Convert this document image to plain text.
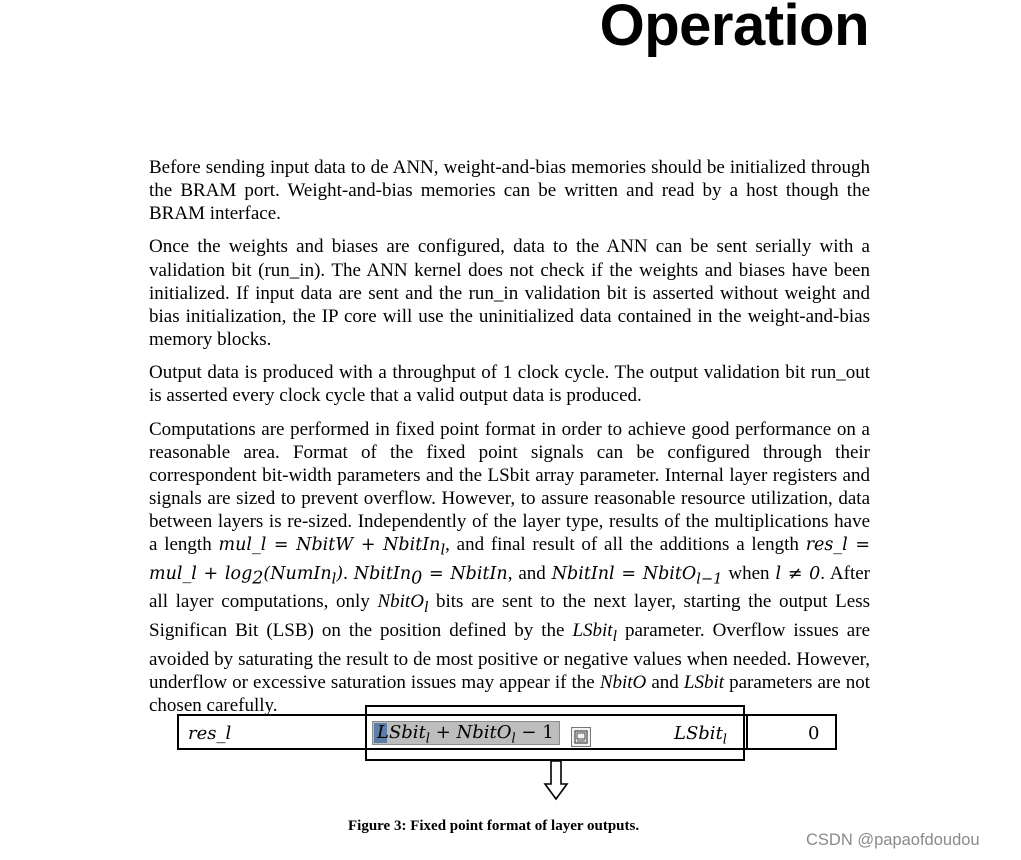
Operation

Before sending input data to de ANN, weight-and-bias memories should be initialized through the BRAM port. Weight-and-bias memories can be written and read by a host though the BRAM interface.

Once the weights and biases are configured, data to the ANN can be sent serially with a validation bit (run_in). The ANN kernel does not check if the weights and biases have been initialized. If input data are sent and the run_in validation bit is asserted without weight and bias initialization, the IP core will use the uninitialized data contained in the weight-and-bias memory blocks.

Output data is produced with a throughput of 1 clock cycle. The output validation bit run_out is asserted every clock cycle that a valid output data is produced.

Computations are performed in fixed point format in order to achieve good performance on a reasonable area. Format of the fixed point signals can be configured through their correspondent bit-width parameters and the LSbit array parameter. Internal layer registers and signals are sized to prevent overflow. However, to assure reasonable resource utilization, data between layers is re-sized. Independently of the layer type, results of the multiplications have a length mul_l = NbitW + NbitIn$_l$, and final result of all the additions a length res_l = mul_l + $\log_2(NumIn_l)$. NbitIn$_0$ = NbitIn, and NbitInl = NbitO$_{l-1}$ when l ≠ 0. After all layer computations, only NbitO$_l$ bits are sent to the next layer, starting the output Less Significan Bit (LSB) on the position defined by the LSbit$_l$ parameter. Overflow issues are avoided by saturating the result to de most positive or negative values when needed. However, underflow or excessive saturation issues may appear if the NbitO and LSbit parameters are not chosen carefully.

res_l	LSbit$_l$ + NbitO$_l$ − 1	LSbit$_l$	0
Figure 3: Fixed point format of layer outputs.
CSDN @papaofdoudou
